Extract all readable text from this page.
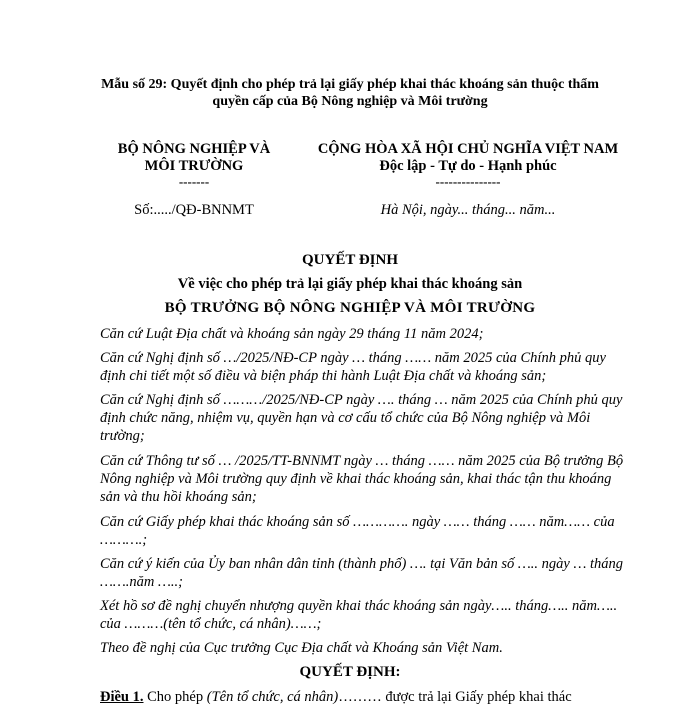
Mẫu số 29: Quyết định cho phép trả lại giấy phép khai thác khoáng sản thuộc thẩm quyền cấp của Bộ Nông nghiệp và Môi trường
BỘ NÔNG NGHIỆP VÀ
MÔI TRƯỜNG
-------
CỘNG HÒA XÃ HỘI CHỦ NGHĨA VIỆT NAM
Độc lập - Tự do - Hạnh phúc
---------------
Số:...../QĐ-BNNMT	Hà Nội, ngày... tháng... năm...
QUYẾT ĐỊNH
Về việc cho phép trả lại giấy phép khai thác khoáng sản
BỘ TRƯỞNG BỘ NÔNG NGHIỆP VÀ MÔI TRƯỜNG
Căn cứ Luật Địa chất và khoáng sản ngày 29 tháng 11 năm 2024;
Căn cứ Nghị định số …/2025/NĐ-CP ngày … tháng …… năm 2025 của Chính phủ quy định chi tiết một số điều và biện pháp thi hành Luật Địa chất và khoáng sản;
Căn cứ Nghị định số ………/2025/NĐ-CP ngày …. tháng … năm 2025 của Chính phủ quy định chức năng, nhiệm vụ, quyền hạn và cơ cấu tổ chức của Bộ Nông nghiệp và Môi trường;
Căn cứ Thông tư số … /2025/TT-BNNMT ngày … tháng …… năm 2025 của Bộ trưởng Bộ Nông nghiệp và Môi trường quy định về khai thác khoáng sản, khai thác tận thu khoáng sản và thu hồi khoáng sản;
Căn cứ Giấy phép khai thác khoáng sản số …………. ngày …… tháng …… năm…… của ……….;
Căn cứ ý kiến của Ủy ban nhân dân tỉnh (thành phố) …. tại Văn bản số ….. ngày … tháng …….năm …..;
Xét hồ sơ đề nghị chuyển nhượng quyền khai thác khoáng sản ngày….. tháng….. năm….. của ………(tên tổ chức, cá nhân)……;
Theo đề nghị của Cục trưởng Cục Địa chất và Khoáng sản Việt Nam.
QUYẾT ĐỊNH:
Điều 1. Cho phép (Tên tổ chức, cá nhân)……… được trả lại Giấy phép khai thác
